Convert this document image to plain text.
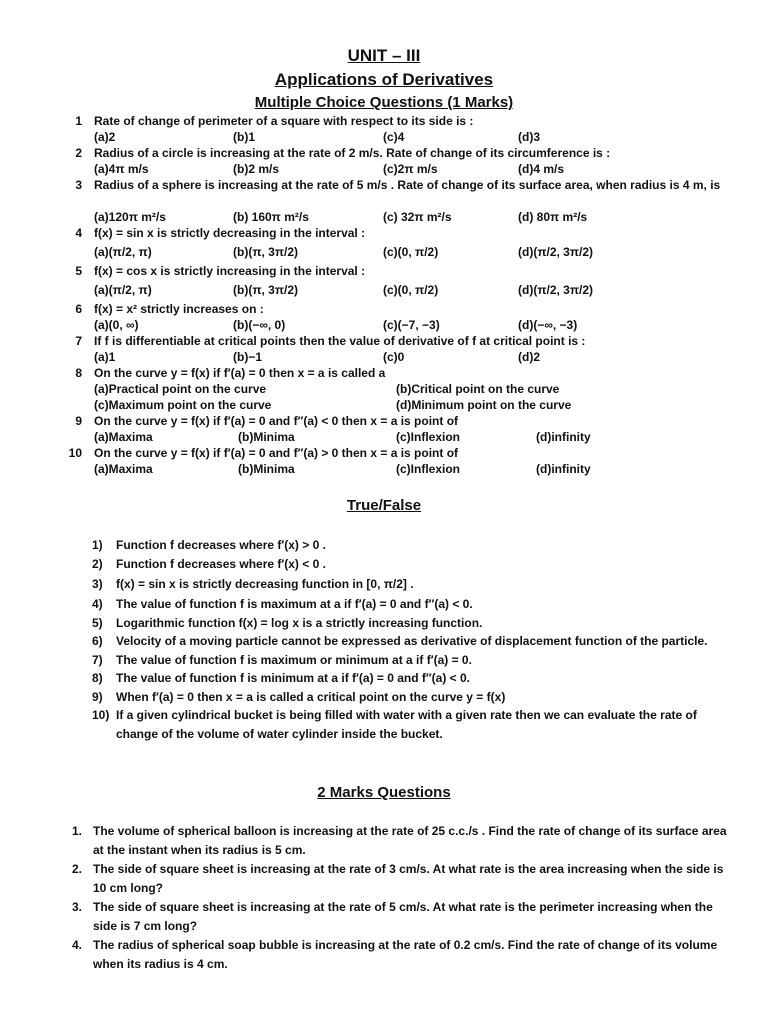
UNIT – III
Applications of Derivatives
Multiple Choice Questions (1 Marks)
1 Rate of change of perimeter of a square with respect to its side is :
(a)2	(b)1	(c)4	(d)3
2 Radius of a circle is increasing at the rate of 2 m/s. Rate of change of its circumference is :
(a)4π m/s	(b)2 m/s	(c)2π m/s	(d)4 m/s
3 Radius of a sphere is increasing at the rate of 5 m/s . Rate of change of its surface area, when radius is 4 m, is
(a)120π m²/s	(b) 160π m²/s	(c) 32π m²/s	(d) 80π m²/s
4 f(x) = sin x is strictly decreasing in the interval :
(a)(π/2, π)	(b)(π, 3π/2)	(c)(0, π/2)	(d)(π/2, 3π/2)
5 f(x) = cos x is strictly increasing in the interval :
(a)(π/2, π)	(b)(π, 3π/2)	(c)(0, π/2)	(d)(π/2, 3π/2)
6 f(x) = x² strictly increases on :
(a)(0, ∞)	(b)(−∞, 0)	(c)(−7, −3)	(d)(−∞, −3)
7 If f is differentiable at critical points then the value of derivative of f at critical point is :
(a)1	(b)−1	(c)0	(d)2
8 On the curve y = f(x) if f′(a) = 0 then x = a is called a
(a)Practical point on the curve	(b)Critical point on the curve
(c)Maximum point on the curve	(d)Minimum point on the curve
9 On the curve y = f(x) if f′(a) = 0 and f″(a) < 0 then x = a is point of
(a)Maxima	(b)Minima	(c)Inflexion	(d)infinity
10 On the curve y = f(x) if f′(a) = 0 and f″(a) > 0 then x = a is point of
(a)Maxima	(b)Minima	(c)Inflexion	(d)infinity
True/False
1) Function f decreases where f′(x) > 0 .
2) Function f decreases where f′(x) < 0 .
3) f(x) = sin x is strictly decreasing function in [0, π/2] .
4) The value of function f is maximum at a if f′(a) = 0 and f″(a) < 0.
5) Logarithmic function f(x) = log x is a strictly increasing function.
6) Velocity of a moving particle cannot be expressed as derivative of displacement function of the particle.
7) The value of function f is maximum or minimum at a if f′(a) = 0.
8) The value of function f is minimum at a if f′(a) = 0 and f″(a) < 0.
9) When f′(a) = 0 then x = a is called a critical point on the curve y = f(x)
10) If a given cylindrical bucket is being filled with water with a given rate then we can evaluate the rate of change of the volume of water cylinder inside the bucket.
2 Marks Questions
1. The volume of spherical balloon is increasing at the rate of 25 c.c./s . Find the rate of change of its surface area at the instant when its radius is 5 cm.
2. The side of square sheet is increasing at the rate of 3 cm/s. At what rate is the area increasing when the side is 10 cm long?
3. The side of square sheet is increasing at the rate of 5 cm/s. At what rate is the perimeter increasing when the side is 7 cm long?
4. The radius of spherical soap bubble is increasing at the rate of 0.2 cm/s. Find the rate of change of its volume when its radius is 4 cm.
